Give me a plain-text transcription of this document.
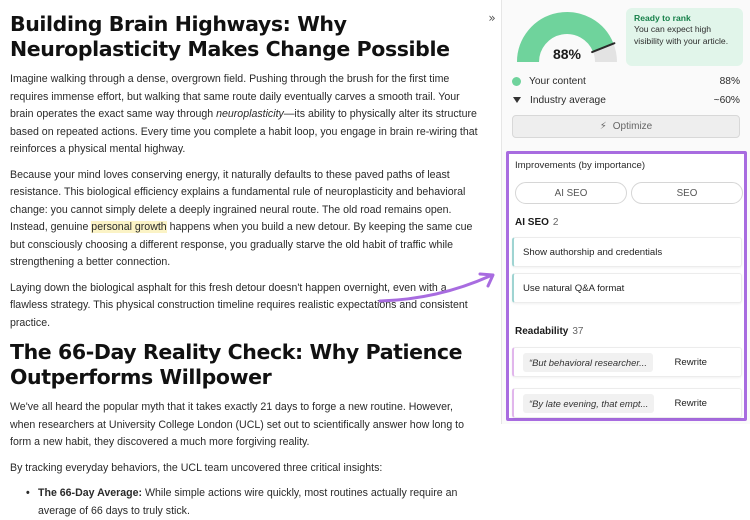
Building Brain Highways: Why Neuroplasticity Makes Change Possible

Imagine walking through a dense, overgrown field. Pushing through the brush for the first time requires immense effort, but walking that same route daily eventually carves a smooth trail. Your brain operates the exact same way through neuroplasticity—its ability to physically alter its structure based on repeated actions. Every time you complete a habit loop, you engage in brain re-wiring that reinforces a physical mental highway.

Because your mind loves conserving energy, it naturally defaults to these paved paths of least resistance. This biological efficiency explains a fundamental rule of neuroplasticity and behavioral change: you cannot simply delete a deeply ingrained neural route. The old road remains open. Instead, genuine personal growth happens when you build a new detour. By keeping the same cue but consciously choosing a different response, you gradually starve the old habit of traffic while strengthening a better connection.

Laying down the biological asphalt for this fresh detour doesn't happen overnight, even with a flawless strategy. This physical construction timeline requires realistic expectations and consistent practice.

The 66-Day Reality Check: Why Patience Outperforms Willpower

We've all heard the popular myth that it takes exactly 21 days to forge a new routine. However, when researchers at University College London (UCL) set out to scientifically answer how long to form a new habit, they discovered a much more forgiving reality.

By tracking everyday behaviors, the UCL team uncovered three critical insights:

• The 66-Day Average: While simple actions wire quickly, most routines actually require an average of 66 days to truly stick.
»
88%
Ready to rank
You can expect high visibility with your article.
Your content	88%
Industry average	~60%
⚡︎ Optimize
Improvements (by importance)
AI SEO	SEO
AI SEO 2
Show authorship and credentials
Use natural Q&A format
Readability 37
“But behavioral researcher...	Rewrite
“By late evening, that empt...	Rewrite
